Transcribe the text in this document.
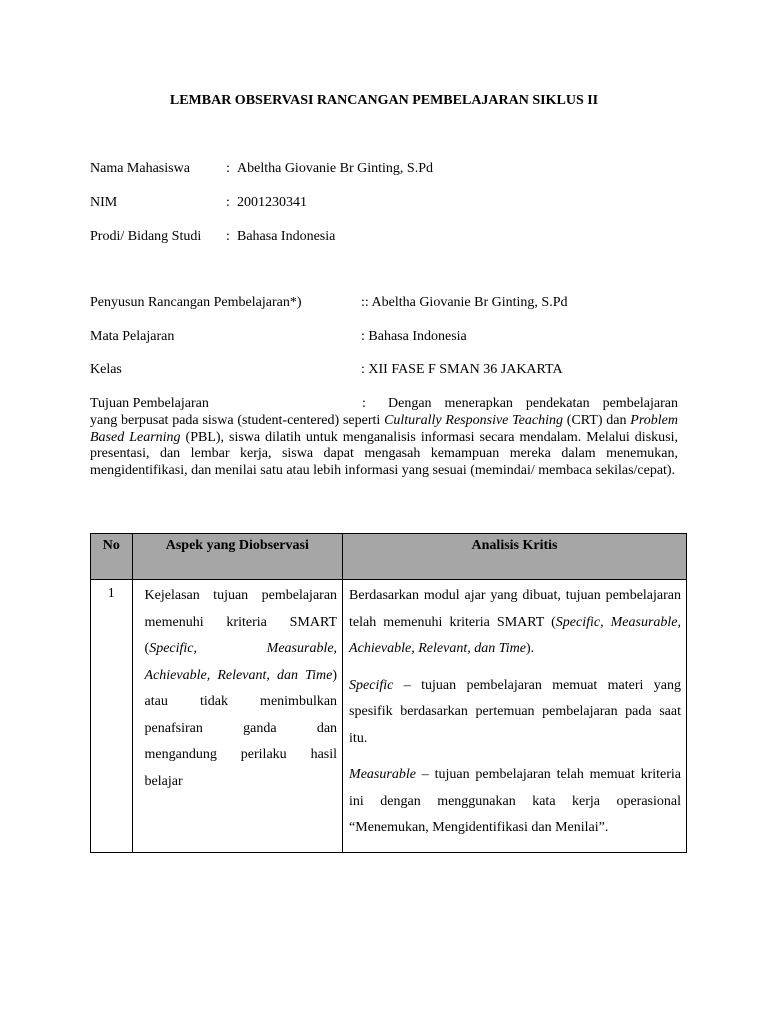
LEMBAR OBSERVASI RANCANGAN PEMBELAJARAN SIKLUS II
Nama Mahasiswa	: Abeltha Giovanie Br Ginting, S.Pd
NIM	: 2001230341
Prodi/ Bidang Studi : Bahasa Indonesia
Penyusun Rancangan Pembelajaran*)	:: Abeltha Giovanie Br Ginting, S.Pd
Mata Pelajaran	: Bahasa Indonesia
Kelas	: XII FASE F SMAN 36 JAKARTA
Tujuan Pembelajaran	: Dengan menerapkan pendekatan pembelajaran yang berpusat pada siswa (student-centered) seperti Culturally Responsive Teaching (CRT) dan Problem Based Learning (PBL), siswa dilatih untuk menganalisis informasi secara mendalam. Melalui diskusi, presentasi, dan lembar kerja, siswa dapat mengasah kemampuan mereka dalam menemukan, mengidentifikasi, dan menilai satu atau lebih informasi yang sesuai (memindai/ membaca sekilas/cepat).
No	Aspek yang Diobservasi	Analisis Kritis
1	Kejelasan tujuan pembelajaran memenuhi kriteria SMART (Specific, Measurable, Achievable, Relevant, dan Time) atau tidak menimbulkan penafsiran ganda dan mengandung perilaku hasil belajar	Berdasarkan modul ajar yang dibuat, tujuan pembelajaran telah memenuhi kriteria SMART (Specific, Measurable, Achievable, Relevant, dan Time).

Specific – tujuan pembelajaran memuat materi yang spesifik berdasarkan pertemuan pembelajaran pada saat itu.

Measurable – tujuan pembelajaran telah memuat kriteria ini dengan menggunakan kata kerja operasional “Menemukan, Mengidentifikasi dan Menilai”.
